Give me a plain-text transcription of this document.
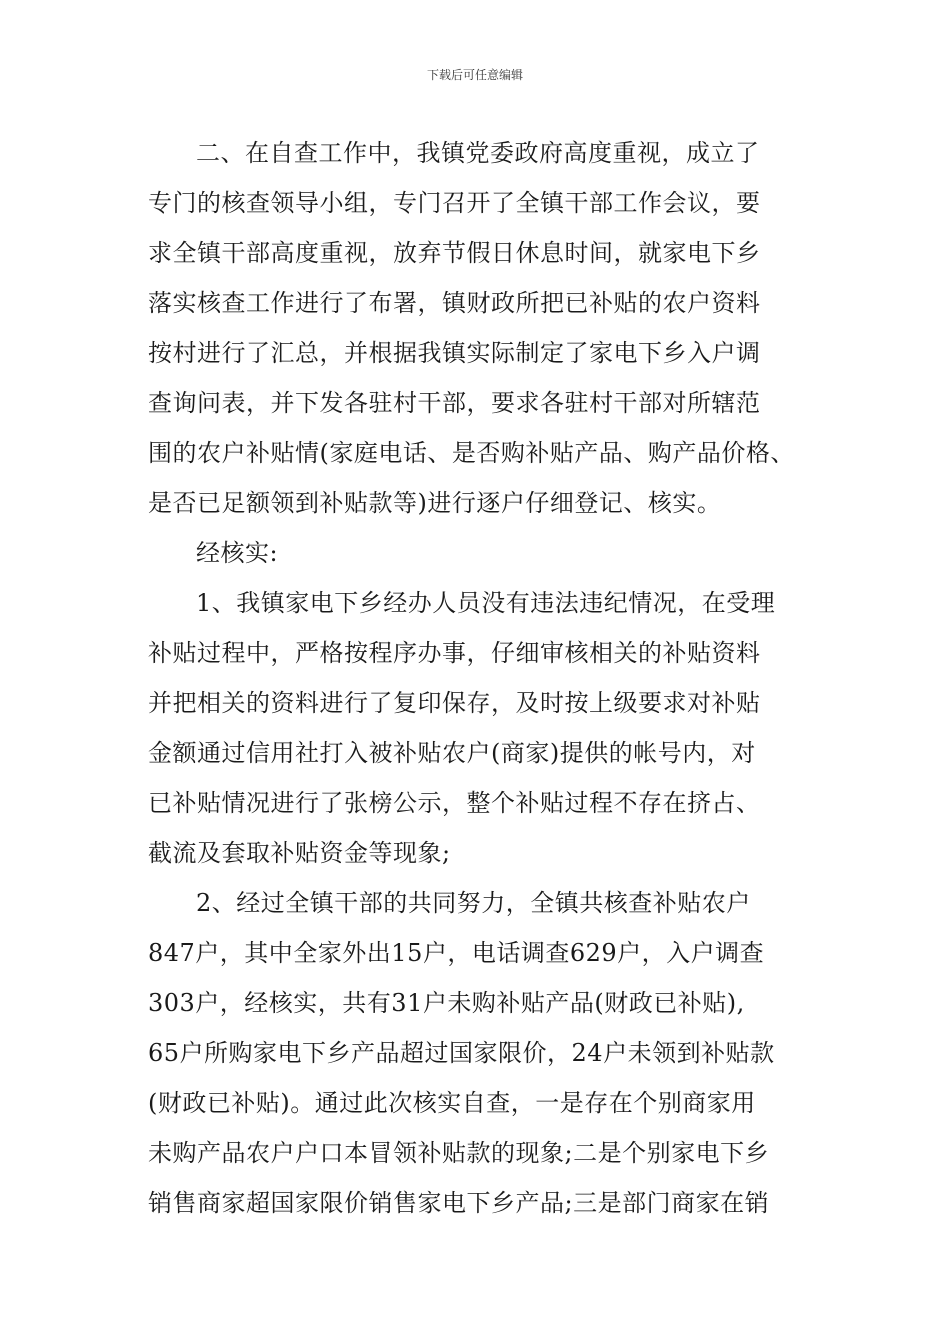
下载后可任意编辑
二、在自查工作中，我镇党委政府高度重视，成立了
专门的核查领导小组，专门召开了全镇干部工作会议，要
求全镇干部高度重视，放弃节假日休息时间，就家电下乡
落实核查工作进行了布署，镇财政所把已补贴的农户资料
按村进行了汇总，并根据我镇实际制定了家电下乡入户调
查询问表，并下发各驻村干部，要求各驻村干部对所辖范
围的农户补贴情(家庭电话、是否购补贴产品、购产品价格、
是否已足额领到补贴款等)进行逐户仔细登记、核实。
经核实:
1、我镇家电下乡经办人员没有违法违纪情况，在受理
补贴过程中，严格按程序办事，仔细审核相关的补贴资料
并把相关的资料进行了复印保存，及时按上级要求对补贴
金额通过信用社打入被补贴农户(商家)提供的帐号内，对
已补贴情况进行了张榜公示，整个补贴过程不存在挤占、
截流及套取补贴资金等现象;
2、经过全镇干部的共同努力，全镇共核查补贴农户
847户，其中全家外出15户，电话调查629户，入户调查
303户，经核实，共有31户未购补贴产品(财政已补贴),
65户所购家电下乡产品超过国家限价，24户未领到补贴款
(财政已补贴)。通过此次核实自查，一是存在个别商家用
未购产品农户户口本冒领补贴款的现象;二是个别家电下乡
销售商家超国家限价销售家电下乡产品;三是部门商家在销
